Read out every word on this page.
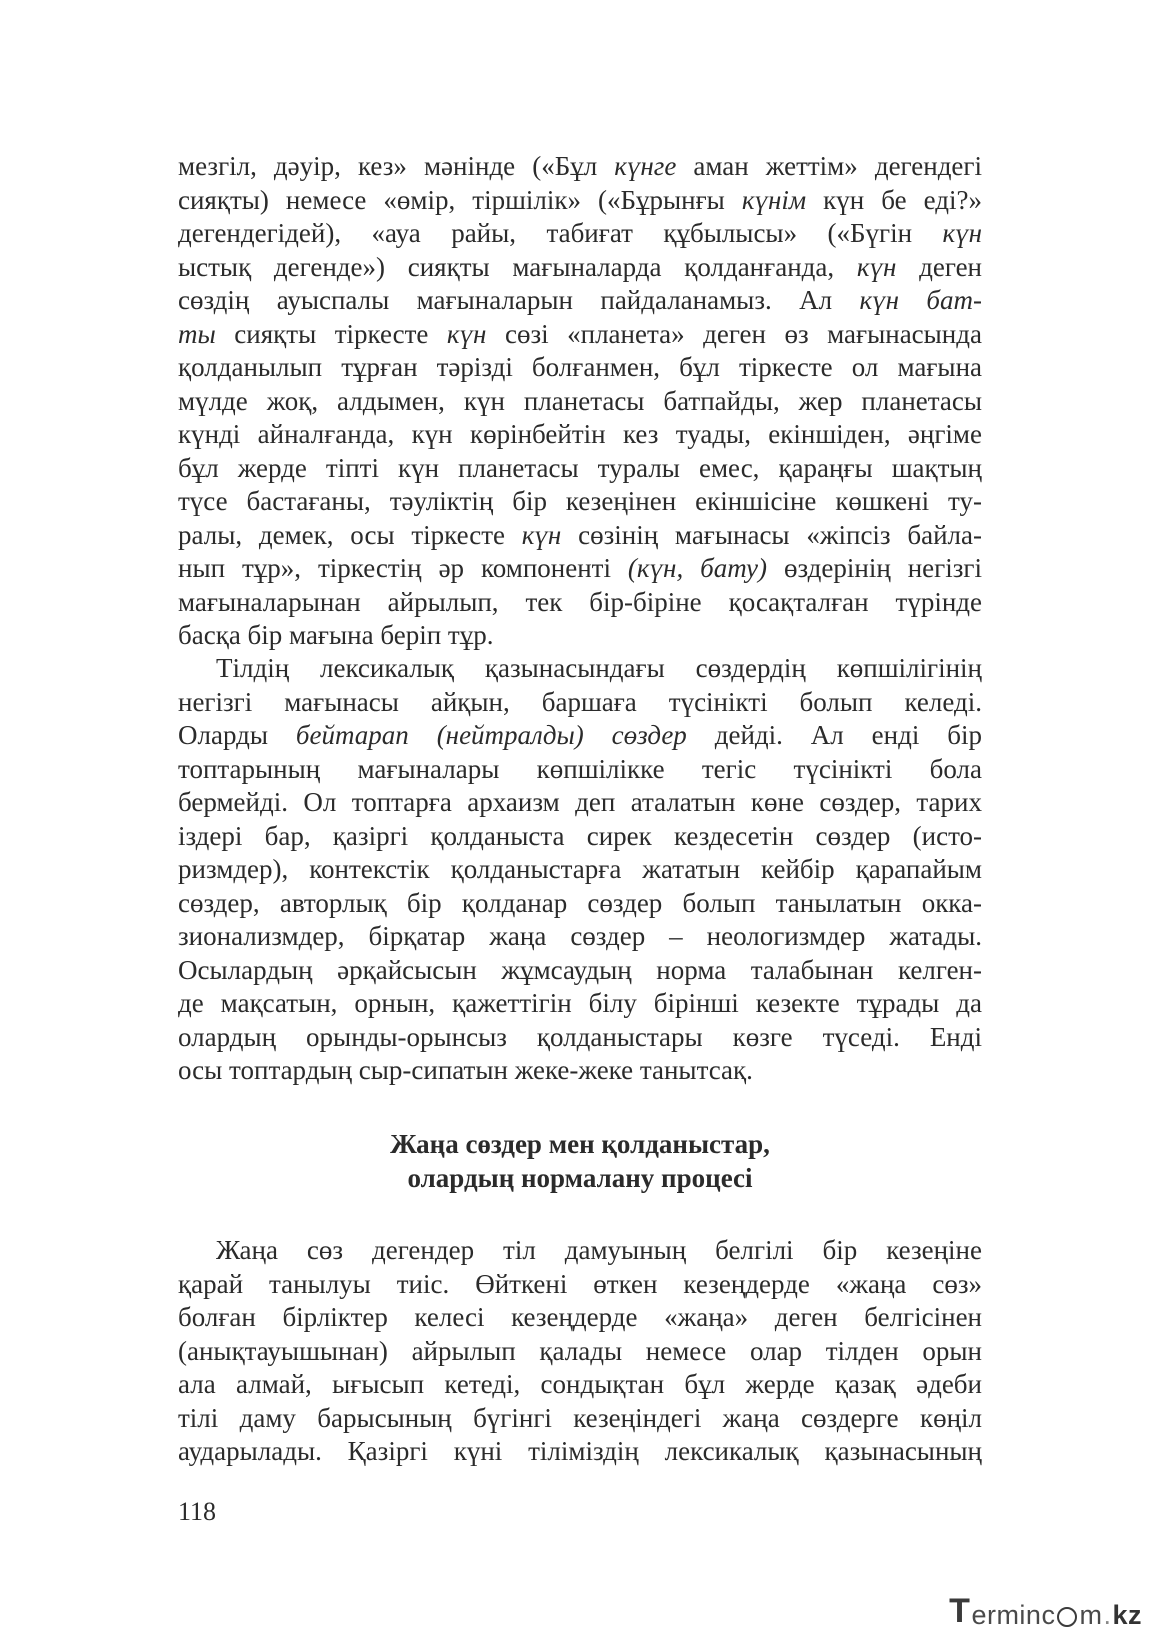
мезгіл, дәуір, кез» мәнінде («Бұл күнге аман жеттім» дегендегі
сияқты) немесе «өмір, тіршілік» («Бұрынғы күнім күн бе еді?»
дегендегідей), «ауа райы, табиғат құбылысы» («Бүгін күн
ыстық дегенде») сияқты мағыналарда қолданғанда, күн деген
сөздің ауыспалы мағыналарын пайдаланамыз. Ал күн бат-
ты сияқты тіркесте күн сөзі «планета» деген өз мағынасында
қолданылып тұрған тәрізді болғанмен, бұл тіркесте ол мағына
мүлде жоқ, алдымен, күн планетасы батпайды, жер планетасы
күнді айналғанда, күн көрінбейтін кез туады, екіншіден, әңгіме
бұл жерде тіпті күн планетасы туралы емес, қараңғы шақтың
түсе бастағаны, тәуліктің бір кезеңінен екіншісіне көшкені ту-
ралы, демек, осы тіркесте күн сөзінің мағынасы «жіпсіз байла-
нып тұр», тіркестің әр компоненті (күн, бату) өздерінің негізгі
мағыналарынан айрылып, тек бір-біріне қосақталған түрінде
басқа бір мағына беріп тұр.
Тілдің лексикалық қазынасындағы сөздердің көпшілігінің
негізгі мағынасы айқын, баршаға түсінікті болып келеді.
Оларды бейтарап (нейтралды) сөздер дейді. Ал енді бір
топтарының мағыналары көпшілікке тегіс түсінікті бола
бермейді. Ол топтарға архаизм деп аталатын көне сөздер, тарих
іздері бар, қазіргі қолданыста сирек кездесетін сөздер (исто-
ризмдер), контекстік қолданыстарға жататын кейбір қарапайым
сөздер, авторлық бір қолданар сөздер болып танылатын окка-
зионализмдер, бірқатар жаңа сөздер – неологизмдер жатады.
Осылардың әрқайсысын жұмсаудың норма талабынан келген-
де мақсатын, орнын, қажеттігін білу бірінші кезекте тұрады да
олардың орынды-орынсыз қолданыстары көзге түседі. Енді
осы топтардың сыр-сипатын жеке-жеке танытсақ.
Жаңа сөздер мен қолданыстар,
олардың нормалану процесі
Жаңа сөз дегендер тіл дамуының белгілі бір кезеңіне
қарай танылуы тиіс. Өйткені өткен кезеңдерде «жаңа сөз»
болған бірліктер келесі кезеңдерде «жаңа» деген белгісінен
(анықтауышынан) айрылып қалады немесе олар тілден орын
ала алмай, ығысып кетеді, сондықтан бұл жерде қазақ әдеби
тілі даму барысының бүгінгі кезеңіндегі жаңа сөздерге көңіл
аударылады. Қазіргі күні тіліміздің лексикалық қазынасының
118
T ermin c m . kz
